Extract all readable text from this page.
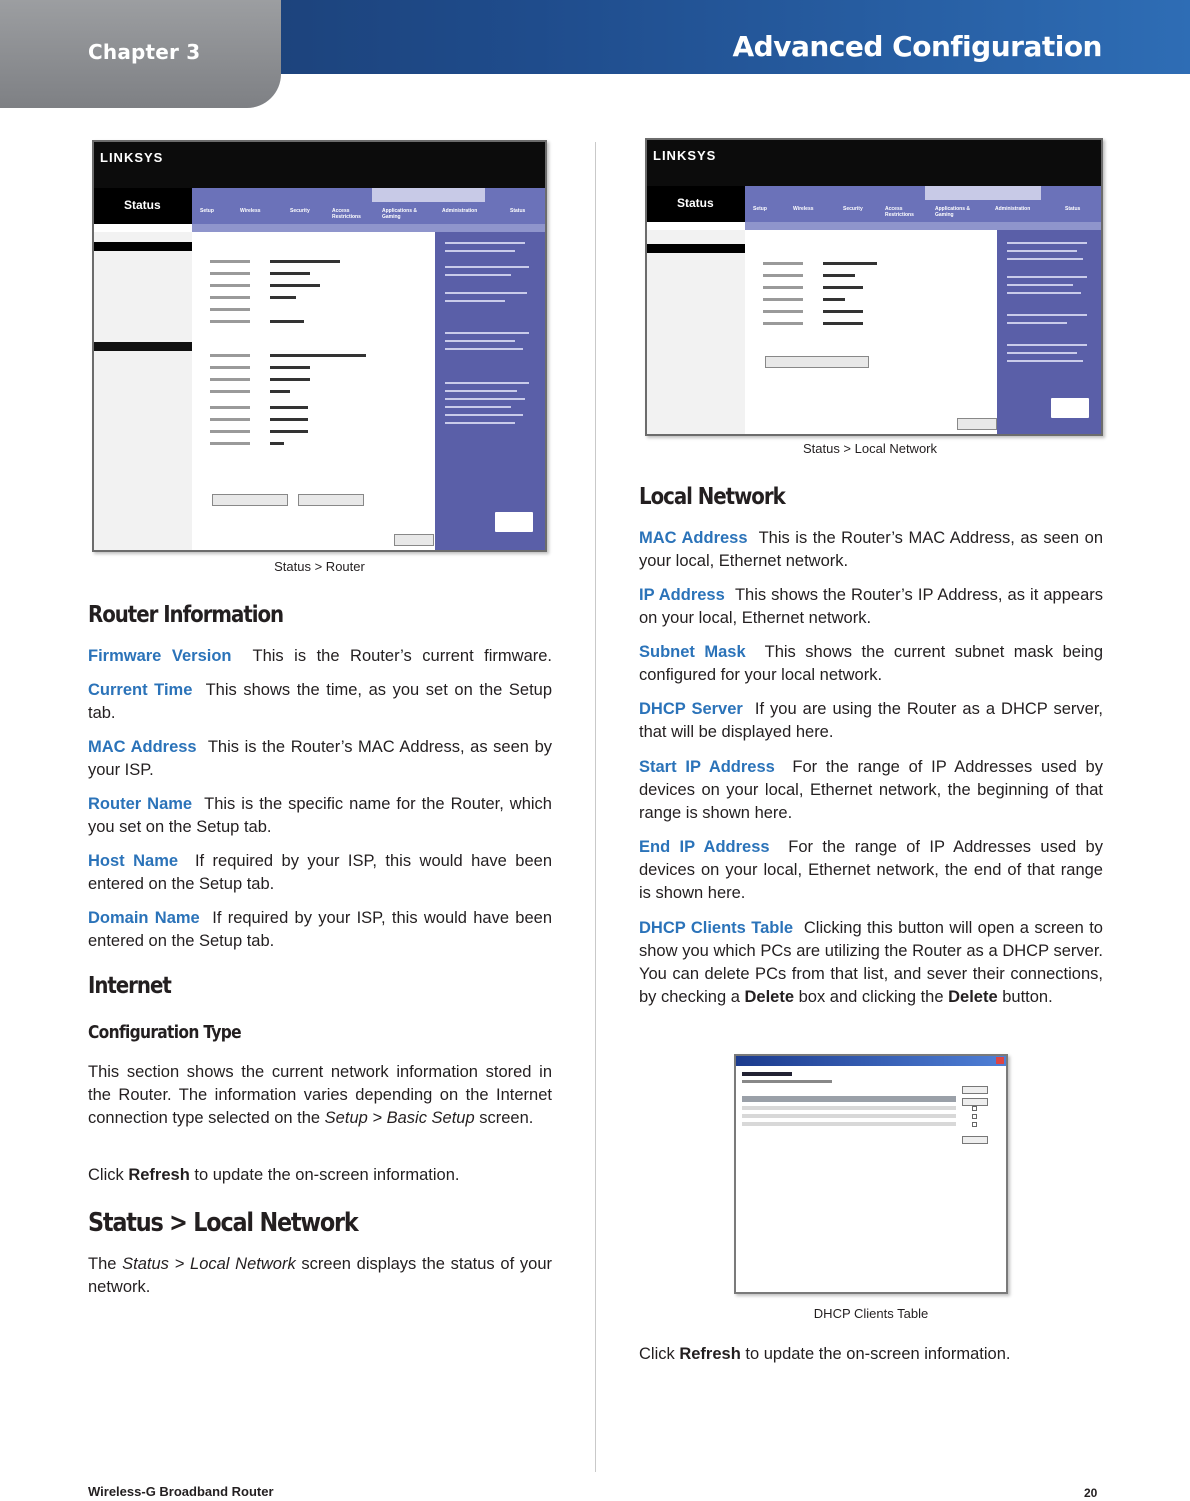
Chapter 3	Advanced Configuration
LINKSYS
Status	Setup	Wireless	Security	Access Restrictions
Applications & Gaming
Administration	Status
Status > Router
LINKSYS
Status	Setup	Wireless	Security	Access Restrictions
Applications & Gaming
Administration	Status
Status > Local Network
Router Information

Firmware Version This is the Router’s current firmware.

Current Time This shows the time, as you set on the Setup tab.

MAC Address This is the Router’s MAC Address, as seen by your ISP.

Router Name This is the specific name for the Router, which you set on the Setup tab.

Host Name If required by your ISP, this would have been entered on the Setup tab.

Domain Name If required by your ISP, this would have been entered on the Setup tab.

Internet
Configuration Type

This section shows the current network information stored in the Router. The information varies depending on the Internet connection type selected on the Setup > Basic Setup screen.

Click Refresh to update the on-screen information.

Status > Local Network

The Status > Local Network screen displays the status of your network.

Local Network

MAC Address This is the Router’s MAC Address, as seen on your local, Ethernet network.

IP Address This shows the Router’s IP Address, as it appears on your local, Ethernet network.

Subnet Mask This shows the current subnet mask being configured for your local network.

DHCP Server If you are using the Router as a DHCP server, that will be displayed here.

Start IP Address For the range of IP Addresses used by devices on your local, Ethernet network, the beginning of that range is shown here.

End IP Address For the range of IP Addresses used by devices on your local, Ethernet network, the end of that range is shown here.

DHCP Clients Table Clicking this button will open a screen to show you which PCs are utilizing the Router as a DHCP server. You can delete PCs from that list, and sever their connections, by checking a Delete box and clicking the Delete button.

DHCP Clients Table

Click Refresh to update the on-screen information.

Wireless-G Broadband Router	20
